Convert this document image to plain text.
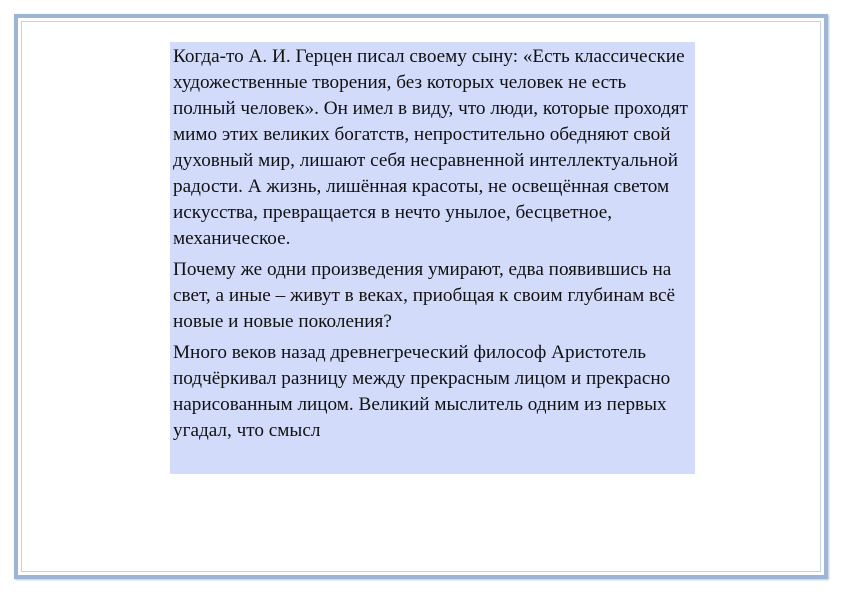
Когда-то А. И. Герцен писал своему сыну: «Есть классические художественные творения, без которых человек не есть полный человек». Он имел в виду, что люди, которые проходят мимо этих великих богатств, непростительно обедняют свой духовный мир, лишают себя несравненной интеллектуальной радости. А жизнь, лишённая красоты, не освещённая светом искусства, превращается в нечто унылое, бесцветное, механическое.

Почему же одни произведения умирают, едва появившись на свет, а иные – живут в веках, приобщая к своим глубинам всё новые и новые поколения?

Много веков назад древнегреческий философ Аристотель подчёркивал разницу между прекрасным лицом и прекрасно нарисованным лицом. Великий мыслитель одним из первых угадал, что смысл
